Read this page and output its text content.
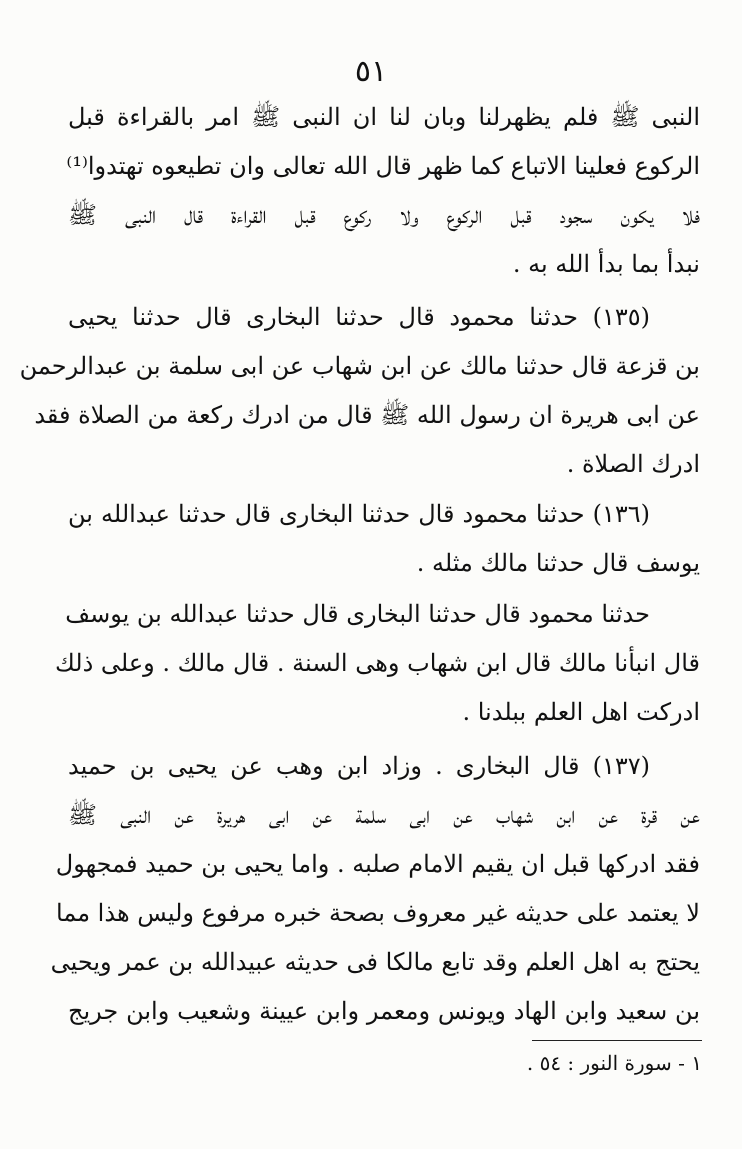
٥١
النبى ﷺ فلم يظهرلنا وبان لنا ان النبى ﷺ امر بالقراءة قبل
الركوع فعلينا الاتباع كما ظهر قال الله تعالى وان تطيعوه تهتدوا⁽¹⁾
فلا يكون سجود قبل الركوع ولا ركوع قبل القراءة قال النبى ﷺ
نبدأ بما بدأ الله به .
(١٣٥) حدثنا محمود قال حدثنا البخارى قال حدثنا يحيى
بن قزعة قال حدثنا مالك عن ابن شهاب عن ابى سلمة بن عبدالرحمن
عن ابى هريرة ان رسول الله ﷺ قال من ادرك ركعة من الصلاة فقد
ادرك الصلاة .
(١٣٦) حدثنا محمود قال حدثنا البخارى قال حدثنا عبدالله بن
يوسف قال حدثنا مالك مثله .
حدثنا محمود قال حدثنا البخارى قال حدثنا عبدالله بن يوسف
قال انبأنا مالك قال ابن شهاب وهى السنة . قال مالك . وعلى ذلك
ادركت اهل العلم ببلدنا .
(١٣٧) قال البخارى . وزاد ابن وهب عن يحيى بن حميد
عن قرة عن ابن شهاب عن ابى سلمة عن ابى هريرة عن النبى ﷺ
فقد ادركها قبل ان يقيم الامام صلبه . واما يحيى بن حميد فمجهول
لا يعتمد على حديثه غير معروف بصحة خبره مرفوع وليس هذا مما
يحتج به اهل العلم وقد تابع مالكا فى حديثه عبيدالله بن عمر ويحيى
بن سعيد وابن الهاد ويونس ومعمر وابن عيينة وشعيب وابن جريج
١ - سورة النور : ٥٤ .
